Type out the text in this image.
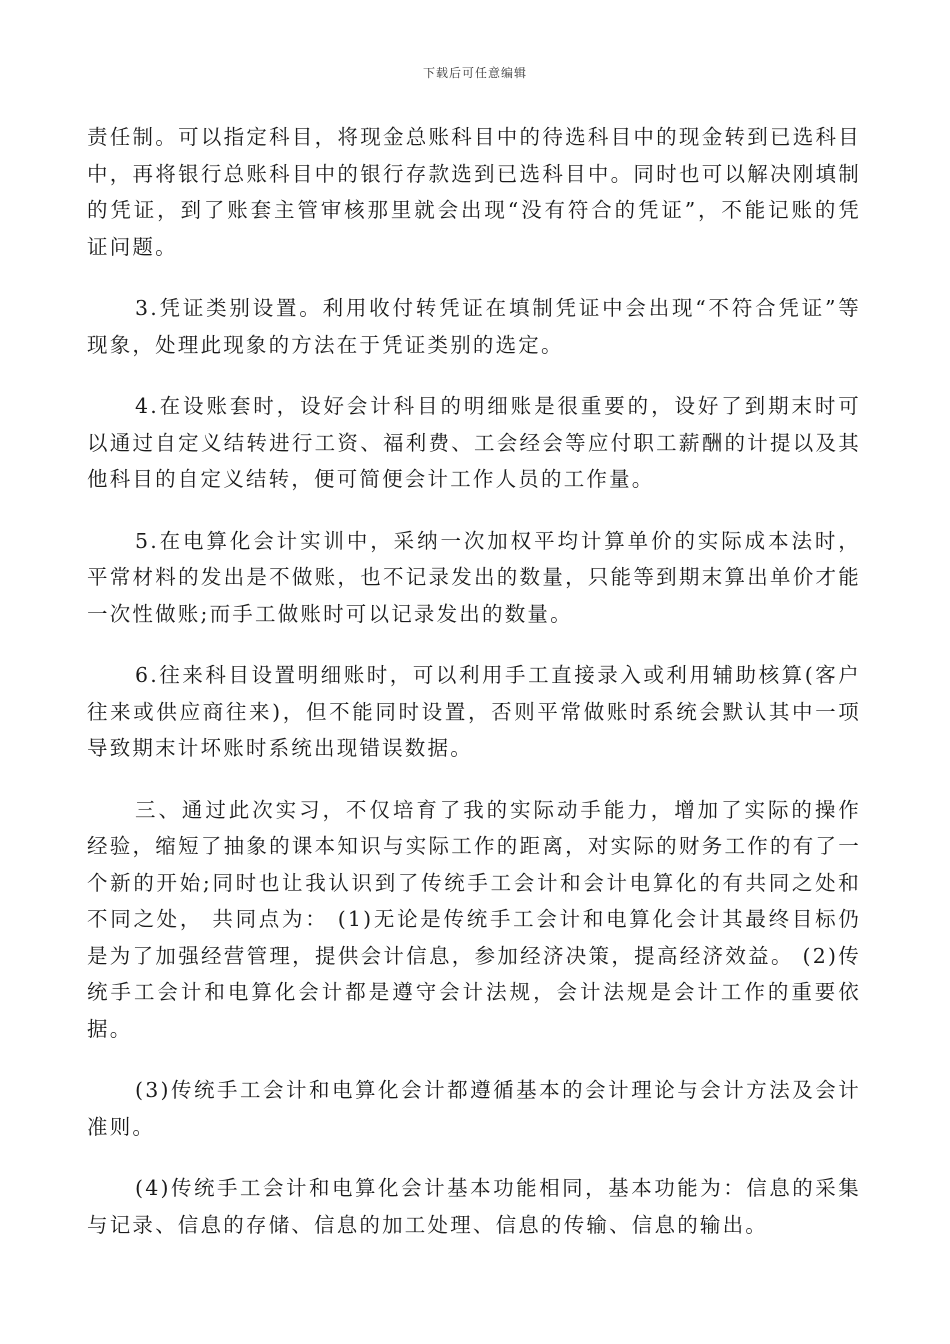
下载后可任意编辑

责任制。可以指定科目，将现金总账科目中的待选科目中的现金转到已选科目中，再将银行总账科目中的银行存款选到已选科目中。同时也可以解决刚填制的凭证，到了账套主管审核那里就会出现“没有符合的凭证”，不能记账的凭证问题。

3.凭证类别设置。利用收付转凭证在填制凭证中会出现“不符合凭证”等现象，处理此现象的方法在于凭证类别的选定。

4.在设账套时，设好会计科目的明细账是很重要的，设好了到期末时可以通过自定义结转进行工资、福利费、工会经会等应付职工薪酬的计提以及其他科目的自定义结转，便可简便会计工作人员的工作量。

5.在电算化会计实训中，采纳一次加权平均计算单价的实际成本法时，平常材料的发出是不做账，也不记录发出的数量，只能等到期末算出单价才能一次性做账;而手工做账时可以记录发出的数量。

6.往来科目设置明细账时，可以利用手工直接录入或利用辅助核算(客户往来或供应商往来)，但不能同时设置，否则平常做账时系统会默认其中一项导致期末计坏账时系统出现错误数据。

三、通过此次实习，不仅培育了我的实际动手能力，增加了实际的操作经验，缩短了抽象的课本知识与实际工作的距离，对实际的财务工作的有了一个新的开始;同时也让我认识到了传统手工会计和会计电算化的有共同之处和不同之处， 共同点为： (1)无论是传统手工会计和电算化会计其最终目标仍是为了加强经营管理，提供会计信息，参加经济决策，提高经济效益。 (2)传统手工会计和电算化会计都是遵守会计法规，会计法规是会计工作的重要依据。

(3)传统手工会计和电算化会计都遵循基本的会计理论与会计方法及会计准则。

(4)传统手工会计和电算化会计基本功能相同，基本功能为：信息的采集与记录、信息的存储、信息的加工处理、信息的传输、信息的输出。
